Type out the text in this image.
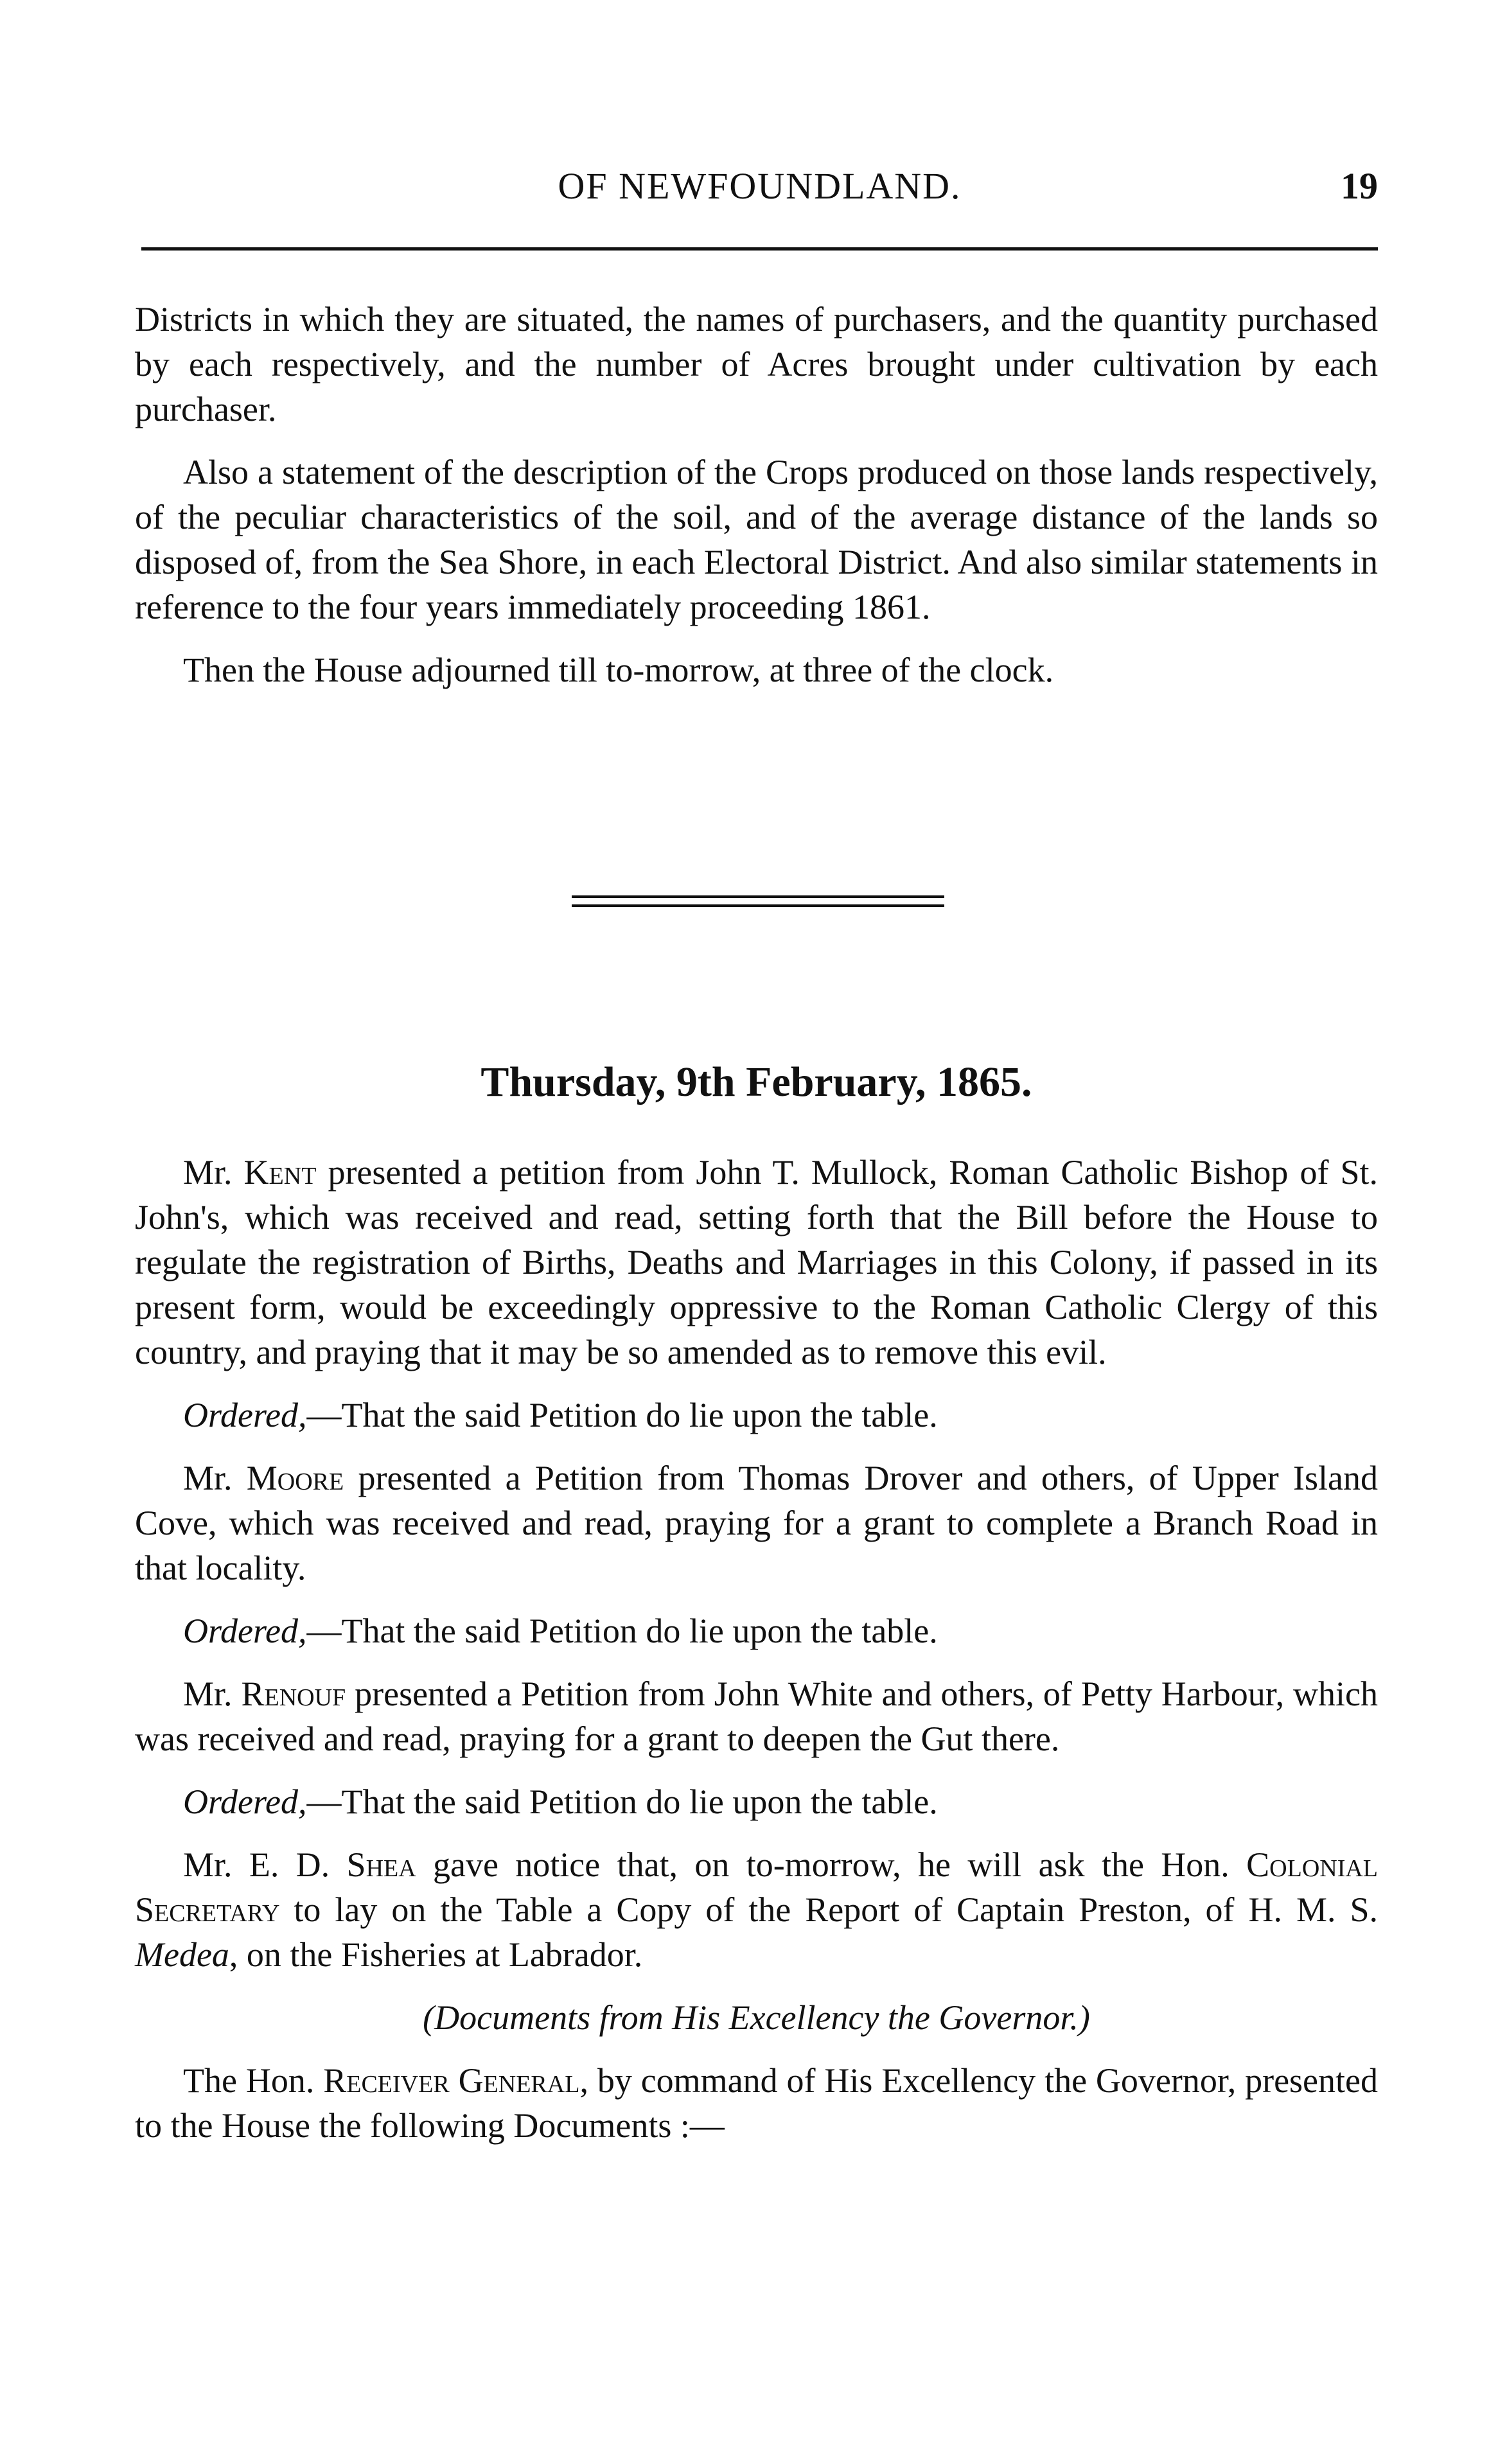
OF NEWFOUNDLAND.	19

Districts in which they are situated, the names of purchasers, and the quantity purchased by each respectively, and the number of Acres brought under cultivation by each purchaser.

Also a statement of the description of the Crops produced on those lands respectively, of the peculiar characteristics of the soil, and of the average distance of the lands so disposed of, from the Sea Shore, in each Electoral District. And also similar statements in reference to the four years immediately proceeding 1861.

Then the House adjourned till to-morrow, at three of the clock.

Thursday, 9th February, 1865.

Mr. Kent presented a petition from John T. Mullock, Roman Catholic Bishop of St. John's, which was received and read, setting forth that the Bill before the House to regulate the registration of Births, Deaths and Marriages in this Colony, if passed in its present form, would be exceedingly oppressive to the Roman Catholic Clergy of this country, and praying that it may be so amended as to remove this evil.

Ordered,—That the said Petition do lie upon the table.

Mr. Moore presented a Petition from Thomas Drover and others, of Upper Island Cove, which was received and read, praying for a grant to complete a Branch Road in that locality.

Ordered,—That the said Petition do lie upon the table.

Mr. Renouf presented a Petition from John White and others, of Petty Harbour, which was received and read, praying for a grant to deepen the Gut there.

Ordered,—That the said Petition do lie upon the table.

Mr. E. D. Shea gave notice that, on to-morrow, he will ask the Hon. Colonial Secretary to lay on the Table a Copy of the Report of Captain Preston, of H. M. S. Medea, on the Fisheries at Labrador.

(Documents from His Excellency the Governor.)

The Hon. Receiver General, by command of His Excellency the Governor, presented to the House the following Documents :—
